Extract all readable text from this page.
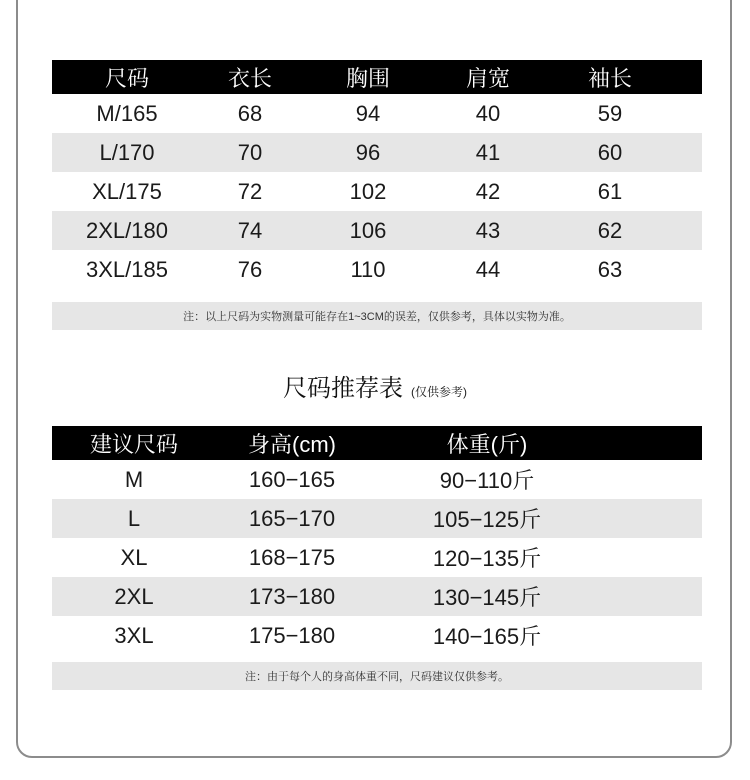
尺码	衣长	胸围	肩宽	袖长
M/165	68	94	40	59
L/170	70	96	41	60
XL/175	72	102	42	61
2XL/180	74	106	43	62
3XL/185	76	110	44	63
注：以上尺码为实物测量可能存在1~3CM的误差，仅供参考，具体以实物为准。
尺码推荐表 (仅供参考)
建议尺码	身高(cm)	体重(斤)
M	160−165	90−110斤
L	165−170	105−125斤
XL	168−175	120−135斤
2XL	173−180	130−145斤
3XL	175−180	140−165斤
注：由于每个人的身高体重不同，尺码建议仅供参考。
